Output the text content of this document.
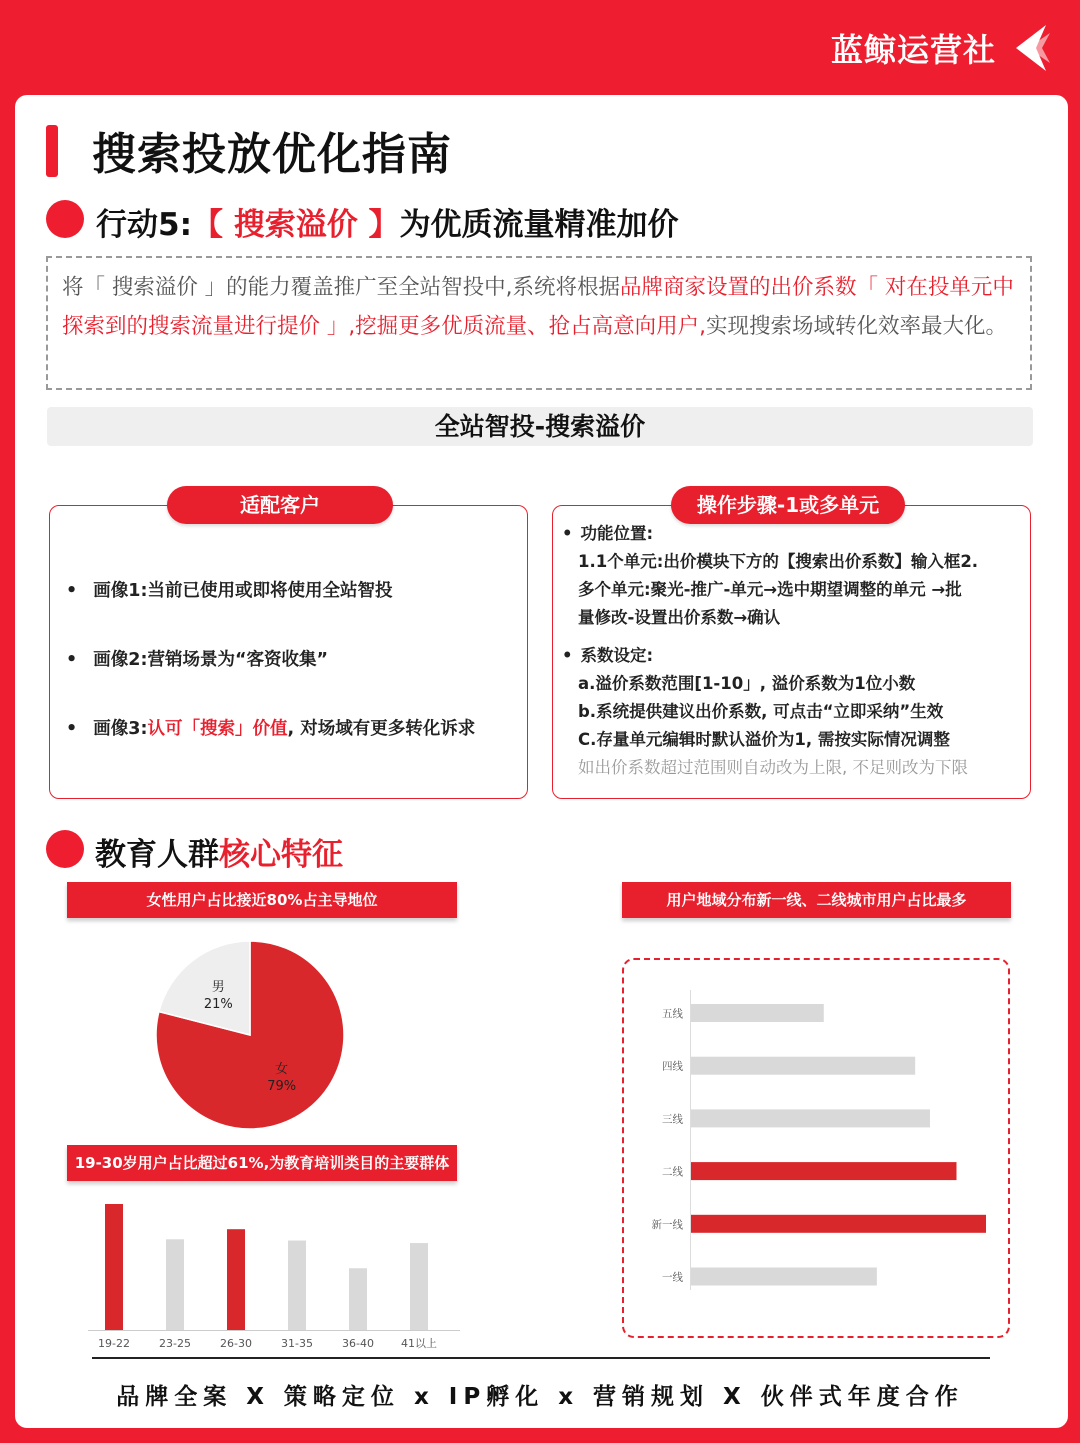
蓝鲸运营社
搜索投放优化指南
行动5:【 搜索溢价 】为优质流量精准加价
将「 搜索溢价 」的能力覆盖推广至全站智投中,系统将根据品牌商家设置的出价系数「 对在投单元中探索到的搜索流量进行提价 」,挖掘更多优质流量、抢占高意向用户,实现搜索场域转化效率最大化。
全站智投-搜索溢价
适配客户
• 画像1:当前已使用或即将使用全站智投
• 画像2:营销场景为“客资收集”
• 画像3:认可「搜索」价值, 对场域有更多转化诉求
操作步骤-1或多单元
• 功能位置:
1.1个单元:出价模块下方的【搜索出价系数】输入框2.
多个单元:聚光-推广-单元→选中期望调整的单元 →批
量修改-设置出价系数→确认
• 系数设定:
a.溢价系数范围[1-10」, 溢价系数为1位小数
b.系统提供建议出价系数, 可点击“立即采纳”生效
C.存量单元编辑时默认溢价为1, 需按实际情况调整
如出价系数超过范围则自动改为上限, 不足则改为下限
教育人群核心特征
女性用户占比接近80%占主导地位	用户地域分布新一线、二线城市用户占比最多
19-30岁用户占比超过61%,为教育培训类目的主要群体
女
79%
男
21%
19-22	23-25	26-30	31-35	36-40 41以上
五线
四线
三线
二线
新一线
一线
品牌全案 X 策略定位 x IP孵化 x 营销规划 X 伙伴式年度合作
